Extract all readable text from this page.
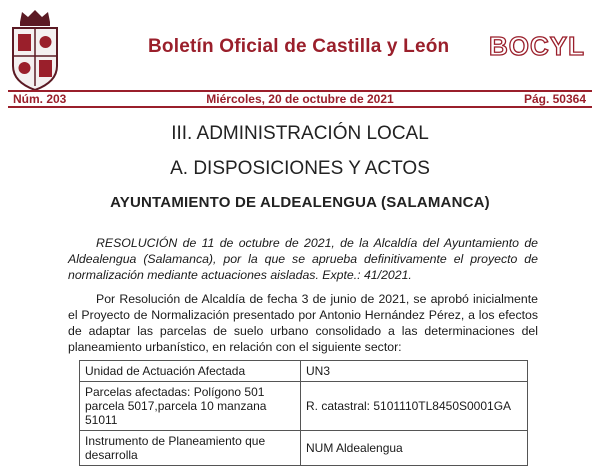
Boletín Oficial de Castilla y León BOCYL
Miércoles, 20 de octubre de 2021
Núm. 203	Pág. 50364
III. ADMINISTRACIÓN LOCAL
A. DISPOSICIONES Y ACTOS
AYUNTAMIENTO DE ALDEALENGUA (SALAMANCA)
RESOLUCIÓN de 11 de octubre de 2021, de la Alcaldía del Ayuntamiento de Aldealengua (Salamanca), por la que se aprueba definitivamente el proyecto de normalización mediante actuaciones aisladas. Expte.: 41/2021.
Por Resolución de Alcaldía de fecha 3 de junio de 2021, se aprobó inicialmente el Proyecto de Normalización presentado por Antonio Hernández Pérez, a los efectos de adaptar las parcelas de suelo urbano consolidado a las determinaciones del planeamiento urbanístico, en relación con el siguiente sector:
Unidad de Actuación Afectada	UN3

Parcelas afectadas: Polígono 501
parcela 5017,parcela 10 manzana 51011	R. catastral: 5101110TL8450S0001GA
Instrumento de Planeamiento que desarrolla	NUM Aldealengua
